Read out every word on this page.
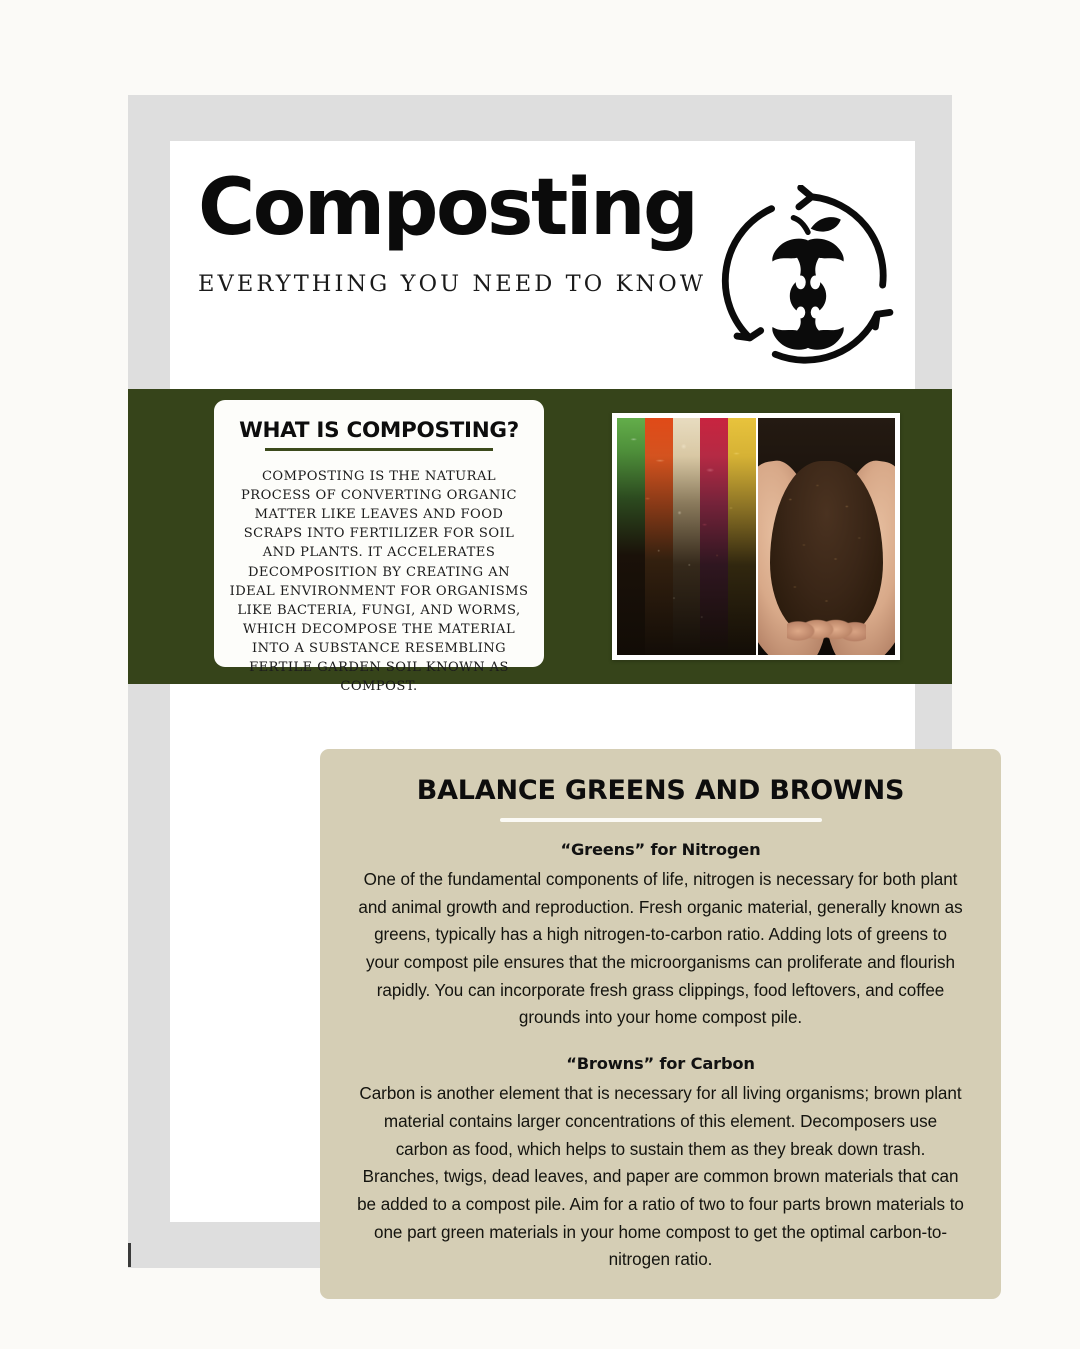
Composting
EVERYTHING YOU NEED TO KNOW
WHAT IS COMPOSTING?
COMPOSTING IS THE NATURAL PROCESS OF CONVERTING ORGANIC MATTER LIKE LEAVES AND FOOD SCRAPS INTO FERTILIZER FOR SOIL AND PLANTS. IT ACCELERATES DECOMPOSITION BY CREATING AN IDEAL ENVIRONMENT FOR ORGANISMS LIKE BACTERIA, FUNGI, AND WORMS, WHICH DECOMPOSE THE MATERIAL INTO A SUBSTANCE RESEMBLING FERTILE GARDEN SOIL KNOWN AS COMPOST.
BALANCE GREENS AND BROWNS
“Greens” for Nitrogen
One of the fundamental components of life, nitrogen is necessary for both plant and animal growth and reproduction. Fresh organic material, generally known as greens, typically has a high nitrogen-to-carbon ratio. Adding lots of greens to your compost pile ensures that the microorganisms can proliferate and flourish rapidly. You can incorporate fresh grass clippings, food leftovers, and coffee grounds into your home compost pile.
“Browns” for Carbon
Carbon is another element that is necessary for all living organisms; brown plant material contains larger concentrations of this element. Decomposers use carbon as food, which helps to sustain them as they break down trash. Branches, twigs, dead leaves, and paper are common brown materials that can be added to a compost pile. Aim for a ratio of two to four parts brown materials to one part green materials in your home compost to get the optimal carbon-to-nitrogen ratio.
